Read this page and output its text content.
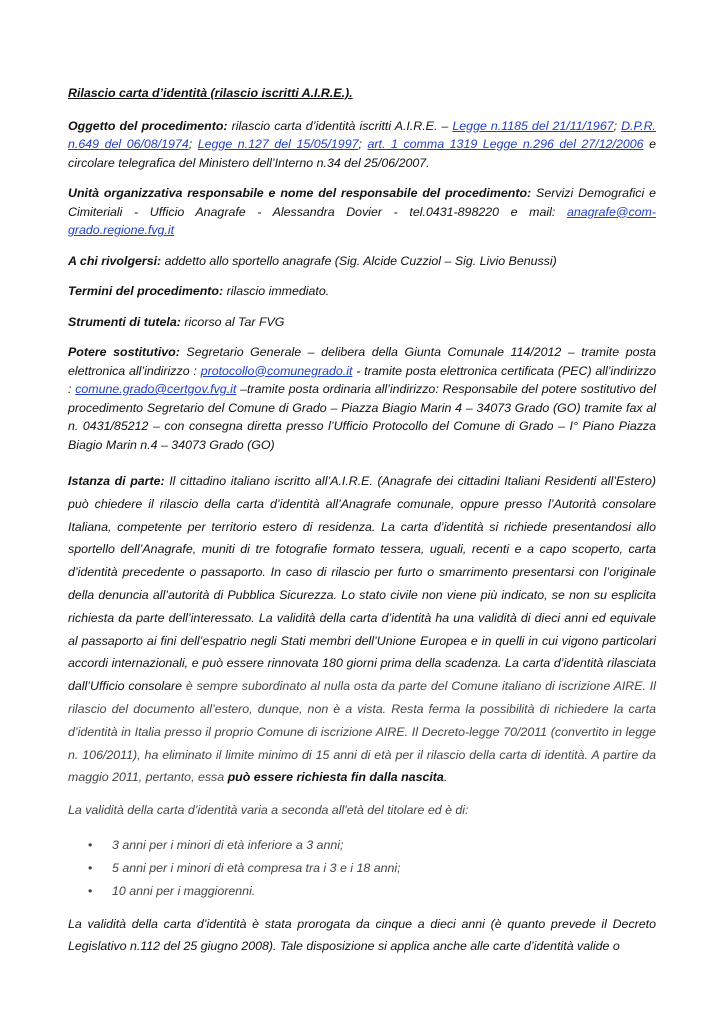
Rilascio carta d’identità (rilascio iscritti A.I.R.E.).

Oggetto del procedimento: rilascio carta d’identità iscritti A.I.R.E. – Legge n.1185 del 21/11/1967; D.P.R. n.649 del 06/08/1974; Legge n.127 del 15/05/1997; art. 1 comma 1319 Legge n.296 del 27/12/2006 e circolare telegrafica del Ministero dell’Interno n.34 del 25/06/2007.

Unità organizzativa responsabile e nome del responsabile del procedimento: Servizi Demografici e Cimiteriali - Ufficio Anagrafe - Alessandra Dovier - tel.0431-898220 e mail: anagrafe@com-grado.regione.fvg.it

A chi rivolgersi: addetto allo sportello anagrafe (Sig. Alcide Cuzziol – Sig. Livio Benussi)

Termini del procedimento: rilascio immediato.

Strumenti di tutela: ricorso al Tar FVG

Potere sostitutivo: Segretario Generale – delibera della Giunta Comunale 114/2012 – tramite posta elettronica all’indirizzo : protocollo@comunegrado.it - tramite posta elettronica certificata (PEC) all’indirizzo : comune.grado@certgov.fvg.it –tramite posta ordinaria all’indirizzo: Responsabile del potere sostitutivo del procedimento Segretario del Comune di Grado – Piazza Biagio Marin 4 – 34073 Grado (GO) tramite fax al n. 0431/85212 – con consegna diretta presso l’Ufficio Protocollo del Comune di Grado – I° Piano Piazza Biagio Marin n.4 – 34073 Grado (GO)

Istanza di parte: Il cittadino italiano iscritto all’A.I.R.E. (Anagrafe dei cittadini Italiani Residenti all’Estero) può chiedere il rilascio della carta d’identità all’Anagrafe comunale, oppure presso l’Autorità consolare Italiana, competente per territorio estero di residenza. La carta d’identità si richiede presentandosi allo sportello dell’Anagrafe, muniti di tre fotografie formato tessera, uguali, recenti e a capo scoperto, carta d’identità precedente o passaporto. In caso di rilascio per furto o smarrimento presentarsi con l’originale della denuncia all’autorità di Pubblica Sicurezza. Lo stato civile non viene più indicato, se non su esplicita richiesta da parte dell’interessato. La validità della carta d’identità ha una validità di dieci anni ed equivale al passaporto ai fini dell’espatrio negli Stati membri dell’Unione Europea e in quelli in cui vigono particolari accordi internazionali, e può essere rinnovata 180 giorni prima della scadenza. La carta d’identità rilasciata dall’Ufficio consolare è sempre subordinato al nulla osta da parte del Comune italiano di iscrizione AIRE. Il rilascio del documento all’estero, dunque, non è a vista. Resta ferma la possibilità di richiedere la carta d’identità in Italia presso il proprio Comune di iscrizione AIRE. Il Decreto-legge 70/2011 (convertito in legge n. 106/2011), ha eliminato il limite minimo di 15 anni di età per il rilascio della carta di identità. A partire da maggio 2011, pertanto, essa può essere richiesta fin dalla nascita.

La validità della carta d’identità varia a seconda all'età del titolare ed è di:

• 3 anni per i minori di età inferiore a 3 anni;
• 5 anni per i minori di età compresa tra i 3 e i 18 anni;
• 10 anni per i maggiorenni.

La validità della carta d’identità è stata prorogata da cinque a dieci anni (è quanto prevede il Decreto Legislativo n.112 del 25 giugno 2008). Tale disposizione si applica anche alle carte d’identità valide o
